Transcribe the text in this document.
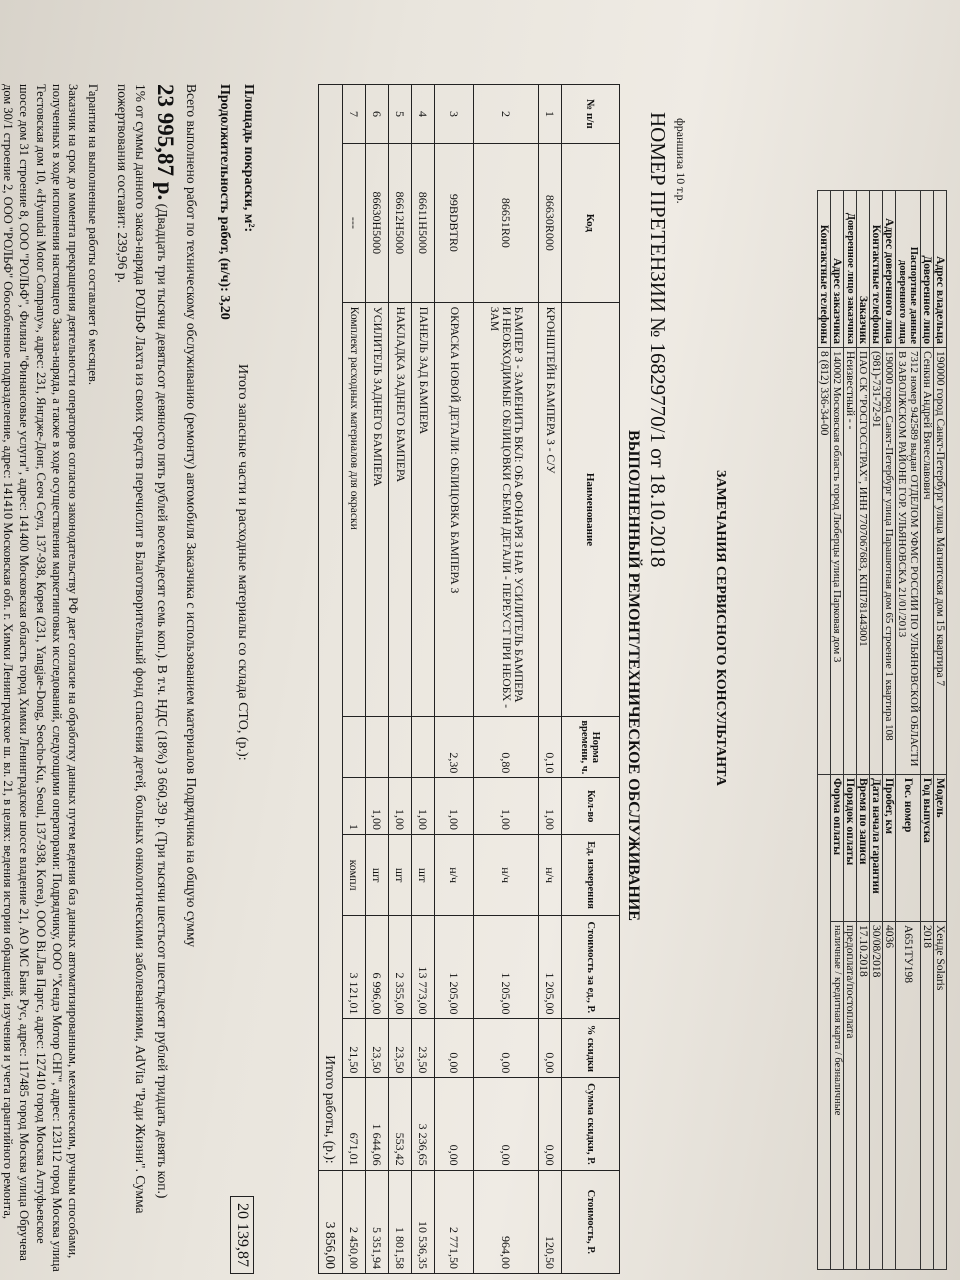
Адрес владельца	190000 город Санкт-Петербург улица Магнитская дом 15 квартира 7	Модель	Хенде Solaris
Доверенное лицо	Сенкин Андрей Вячеславович	Год выпуска	2018
Паспортные данные доверенного лица	7312 номер 942589 выдан ОТДЕЛОМ УФМС РОССИИ ПО УЛЬЯНОВСКОЙ ОБЛАСТИ В ЗАВОЛЖСКОМ РАЙОНЕ ГОР. УЛЬЯНОВСКА 21/01/2013	Гос. номер	А651ТУ198

Адрес доверенного лица	190000 город Санкт-Петербург улица Парашютная дом 65 строение 1 квартира 108	Пробег, км	4036
Контактные телефоны	(981)-731-72-91	Дата начала гарантии	30/08/2018
Заказчик	ПАО СК "РОСГОССТРАХ", ИНН 7707067683, КПП781443001	Время по записи	17.10.2018
Доверенное лицо заказчика	Неизвестный - -	Порядок оплаты	предоплата/постоплата
Адрес заказчика	140002 Московская область город Люберцы улица Парковая дом 3	Форма оплаты	наличные / кредитная карта / безналичные
Контактные телефоны	8 (812) 336-34-00		
ЗАМЕЧАНИЯ СЕРВИСНОГО КОНСУЛЬТАНТА
франшиза 10 т.р.
НОМЕР ПРЕТЕНЗИИ № 16829770/1 от 18.10.2018
ВЫПОЛНЕННЫЙ РЕМОНТ/ТЕХНИЧЕСКОЕ ОБСЛУЖИВАНИЕ
№ п/п	Код	Наименование	Норма времени, ч.	Кол-во	Ед. измерения	Стоимость за ед., Р.	% скидки	Сумма скидки, Р.	Стоимость, Р.
1	86630R000	КРОНШТЕЙН БАМПЕРА З - С/У	0,10	1,00	н/ч	1 205,00	0,00	0,00	120,50
2	86651R00	БАМПЕР З - ЗАМЕНИТЬ ВКЛ: ОБА ФОНАРЯ З НАР. УСИЛИТЕЛЬ БАМПЕРА И НЕОБХОДИМЫЕ ОБЛИЦОВКИ СЪЕМН ДЕТАЛИ - ПЕРЕУСТ ПРИ НЕОБХ - ЗАМ	0,80	1,00	н/ч	1 205,00	0,00	0,00	964,00
3	99BDBTR0	ОКРАСКА НОВОЙ ДЕТАЛИ: ОБЛИЦОВКА БАМПЕРА З	2,30	1,00	н/ч	1 205,00	0,00	0,00	2 771,50
4	86611H5000	ПАНЕЛЬ ЗАД БАМПЕРА		1,00	шт	13 773,00	23,50	3 236,65	10 536,35
5	86612H5000	НАКЛАДКА ЗАДНЕГО БАМПЕРА		1,00	шт	2 355,00	23,50	553,42	1 801,58
6	86630H5000	УСИЛИТЕЛЬ ЗАДНЕГО БАМПЕРА		1,00	шт	6 996,00	23,50	1 644,06	5 351,94
7	---	Комплект расходных материалов для окраски		1	компл	3 121,01	21,50	671,01	2 450,00
Итого работы, (р.):									3 856,00
Площадь покраски, м²:
Итого запасные части и расходные материалы со склада СТО, (р.):
20 139,87
Продолжительность работ, (н/ч): 3,20
Всего выполнено работ по техническому обслуживанию (ремонту) автомобиля Заказчика с использованием материалов Подрядчика на общую сумму
23 995,87 р. (Двадцать три тысячи девятьсот девяносто пять рублей восемьдесят семь коп.). В т.ч. НДС (18%) 3 660,39 р. (Три тысячи шестьсот шестьдесят рублей тридцать девять коп.)
1% от суммы данного заказ-наряда РОЛЬФ Лахта из своих средств перечислит в Благотворительный фонд спасения детей, больных онкологическими заболеваниями, AdVita "Ради Жизни". Сумма пожертвования составит: 239,96 р.
Гарантия на выполненные работы составляет 6 месяцев.
Заказчик на срок до момента прекращения деятельности операторов согласно законодательству РФ дает согласие на обработку данных путем ведения баз данных автоматизированным, механическим, ручным способами, полученных в ходе исполнения настоящего Заказа-наряда, а также в ходе осуществления маркетинговых исследований, следующими операторами: Подрядчику, ООО "Хендэ Мотор СНГ", адрес: 123112 город Москва улица Тестовская дом 10, «Hyundai Motor Company», адрес: 231, Янгдже-Донг, Сеоч Сеул, 137-938, Корея (231, Yangjae-Dong, Seocho-Ku, Seoul, 137-938, Korea), ООО Вi.Лав Паргс, адрес: 127410 город Москва Алтуфьевское шоссе дом 31 строение 8, ООО "РОЛЬФ", Филиал "Финансовые услуги", адрес: 141400 Московская область город Химки Ленинградское шоссе владение 21, АО МС Банк Рус, адрес: 117485 город Москва улица Обручева дом 30/1 строение 2, ООО "РОЛЬФ" Обособленное подразделение, адрес: 141410 Московская обл. г. Химки Ленинградское ш. вл. 21, в целях: ведения истории обращений, изучения и учета гарантийного ремонта,
